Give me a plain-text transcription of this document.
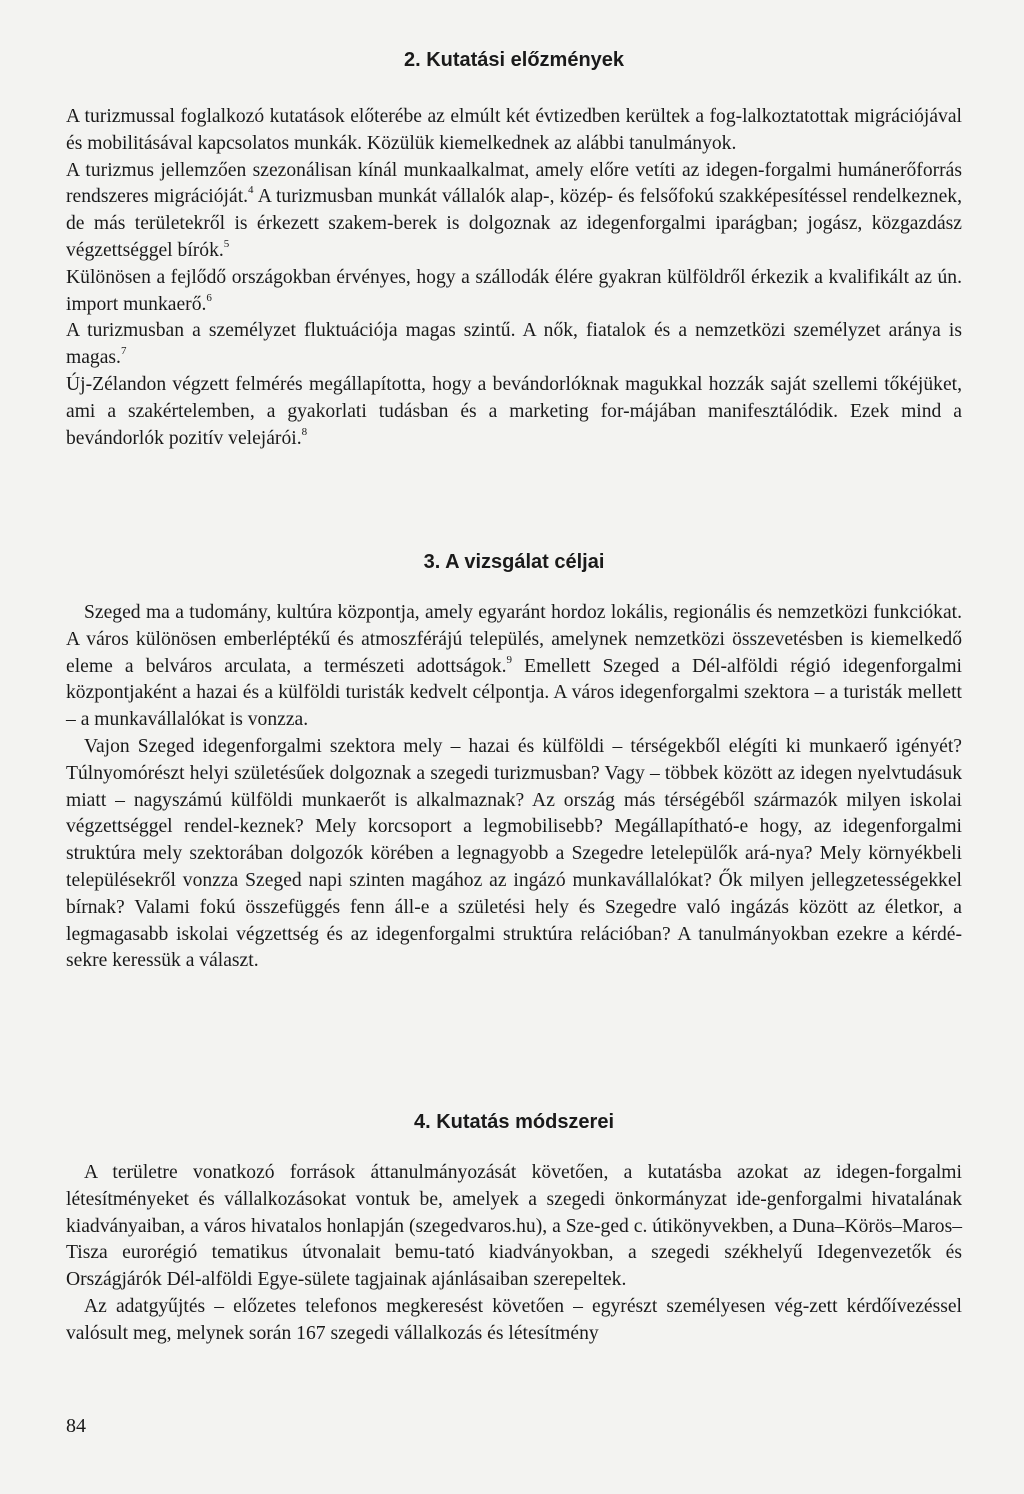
2. Kutatási előzmények

A turizmussal foglalkozó kutatások előterébe az elmúlt két évtizedben kerültek a fog-lalkoztatottak migrációjával és mobilitásával kapcsolatos munkák. Közülük kiemelkednek az alábbi tanulmányok.

A turizmus jellemzően szezonálisan kínál munkaalkalmat, amely előre vetíti az idegen-forgalmi humánerőforrás rendszeres migrációját.$^4$ A turizmusban munkát vállalók alap-, közép- és felsőfokú szakképesítéssel rendelkeznek, de más területekről is érkezett szakem-berek is dolgoznak az idegenforgalmi iparágban; jogász, közgazdász végzettséggel bírók.$^5$

Különösen a fejlődő országokban érvényes, hogy a szállodák élére gyakran külföldről érkezik a kvalifikált az ún. import munkaerő.$^6$

A turizmusban a személyzet fluktuációja magas szintű. A nők, fiatalok és a nemzetközi személyzet aránya is magas.$^7$

Új-Zélandon végzett felmérés megállapította, hogy a bevándorlóknak magukkal hozzák saját szellemi tőkéjüket, ami a szakértelemben, a gyakorlati tudásban és a marketing for-májában manifesztálódik. Ezek mind a bevándorlók pozitív velejárói.$^8$

3. A vizsgálat céljai

Szeged ma a tudomány, kultúra központja, amely egyaránt hordoz lokális, regionális és nemzetközi funkciókat. A város különösen emberléptékű és atmoszférájú település, amelynek nemzetközi összevetésben is kiemelkedő eleme a belváros arculata, a természeti adottságok.$^9$ Emellett Szeged a Dél-alföldi régió idegenforgalmi központjaként a hazai és a külföldi turisták kedvelt célpontja. A város idegenforgalmi szektora – a turisták mellett – a munkavállalókat is vonzza.

Vajon Szeged idegenforgalmi szektora mely – hazai és külföldi – térségekből elégíti ki munkaerő igényét? Túlnyomórészt helyi születésűek dolgoznak a szegedi turizmusban? Vagy – többek között az idegen nyelvtudásuk miatt – nagyszámú külföldi munkaerőt is alkalmaznak? Az ország más térségéből származók milyen iskolai végzettséggel rendel-keznek? Mely korcsoport a legmobilisebb? Megállapítható-e hogy, az idegenforgalmi struktúra mely szektorában dolgozók körében a legnagyobb a Szegedre letelepülők ará-nya? Mely környékbeli településekről vonzza Szeged napi szinten magához az ingázó munkavállalókat? Ők milyen jellegzetességekkel bírnak? Valami fokú összefüggés fenn áll-e a születési hely és Szegedre való ingázás között az életkor, a legmagasabb iskolai végzettség és az idegenforgalmi struktúra relációban? A tanulmányokban ezekre a kérdé-sekre keressük a választ.

4. Kutatás módszerei

A területre vonatkozó források áttanulmányozását követően, a kutatásba azokat az idegen-forgalmi létesítményeket és vállalkozásokat vontuk be, amelyek a szegedi önkormányzat ide-genforgalmi hivatalának kiadványaiban, a város hivatalos honlapján (szegedvaros.hu), a Sze-ged c. útikönyvekben, a Duna–Körös–Maros–Tisza eurorégió tematikus útvonalait bemu-tató kiadványokban, a szegedi székhelyű Idegenvezetők és Országjárók Dél-alföldi Egye-sülete tagjainak ajánlásaiban szerepeltek.

Az adatgyűjtés – előzetes telefonos megkeresést követően – egyrészt személyesen vég-zett kérdőívezéssel valósult meg, melynek során 167 szegedi vállalkozás és létesítmény

84
